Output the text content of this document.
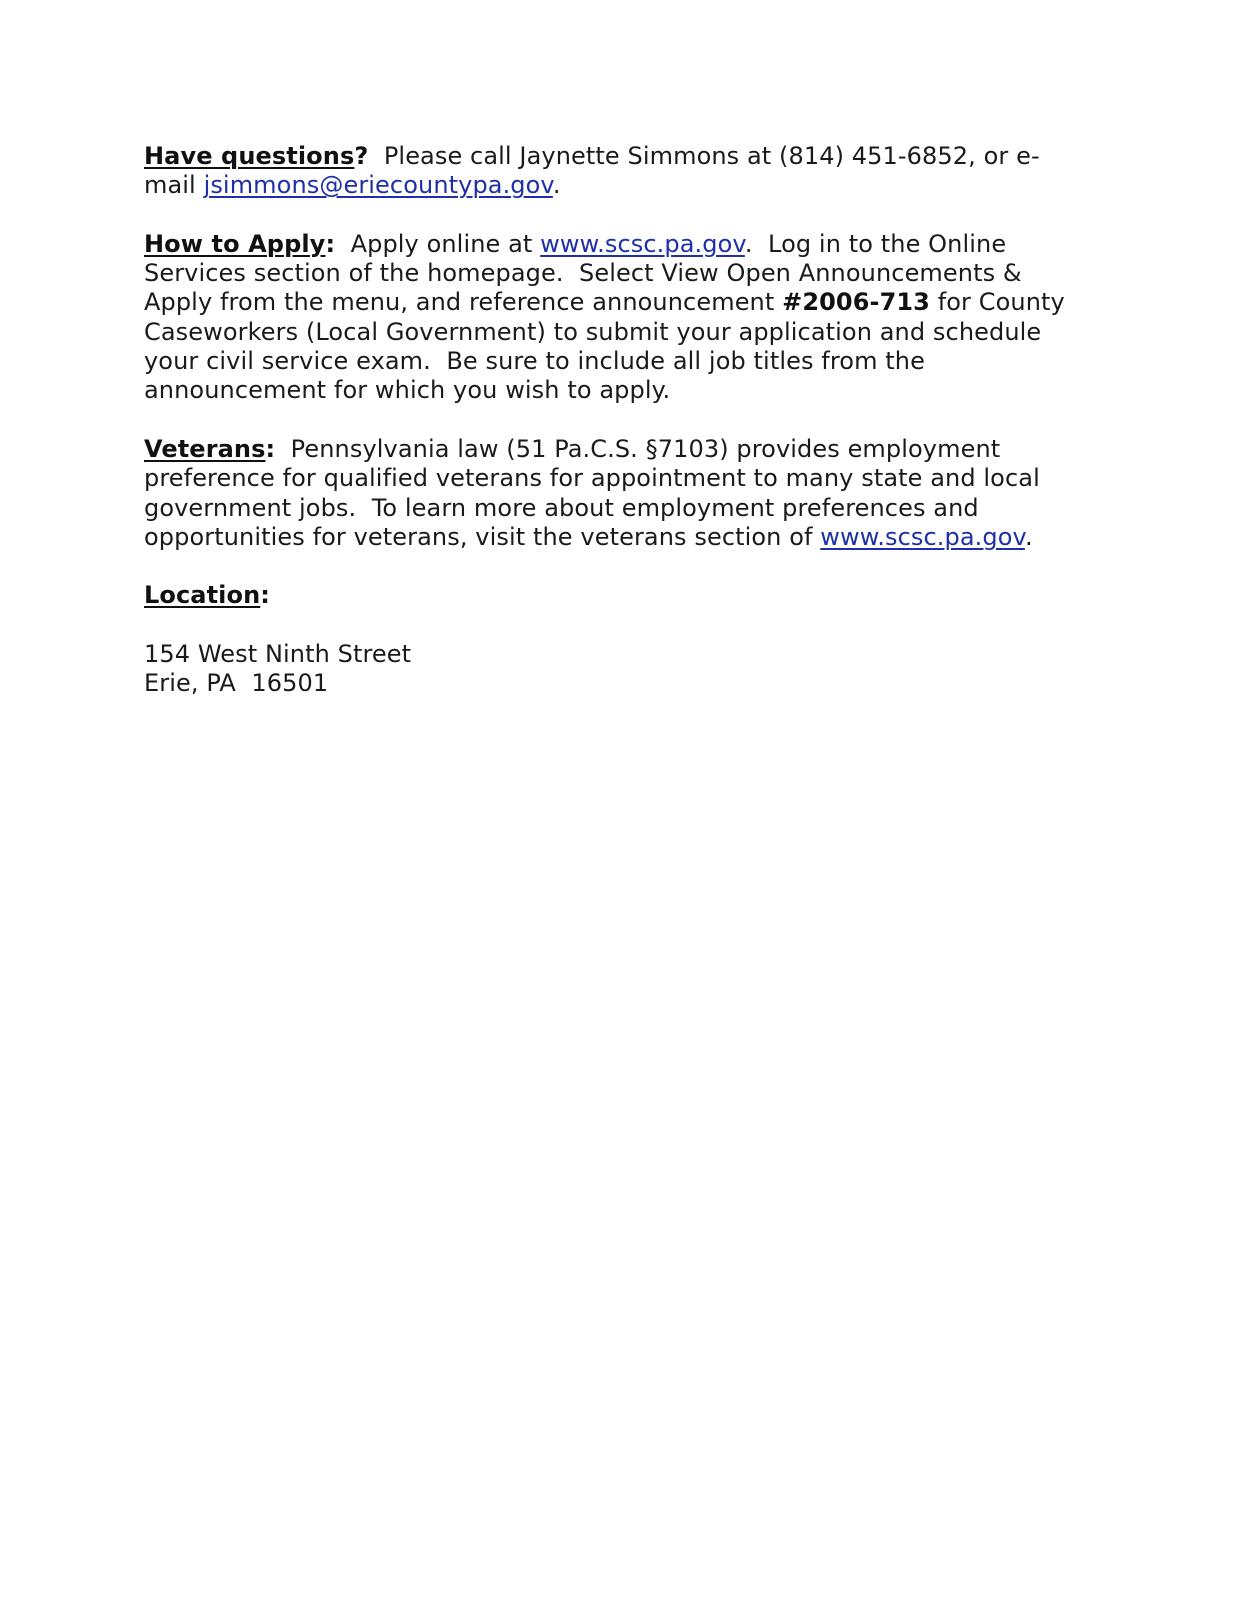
Have questions?  Please call Jaynette Simmons at (814) 451-6852, or e-
mail jsimmons@eriecountypa.gov.
How to Apply:  Apply online at www.scsc.pa.gov.  Log in to the Online
Services section of the homepage.  Select View Open Announcements &
Apply from the menu, and reference announcement #2006-713 for County
Caseworkers (Local Government) to submit your application and schedule
your civil service exam.  Be sure to include all job titles from the
announcement for which you wish to apply.
Veterans:  Pennsylvania law (51 Pa.C.S. §7103) provides employment
preference for qualified veterans for appointment to many state and local
government jobs.  To learn more about employment preferences and
opportunities for veterans, visit the veterans section of www.scsc.pa.gov.
Location:
154 West Ninth Street
Erie, PA  16501
